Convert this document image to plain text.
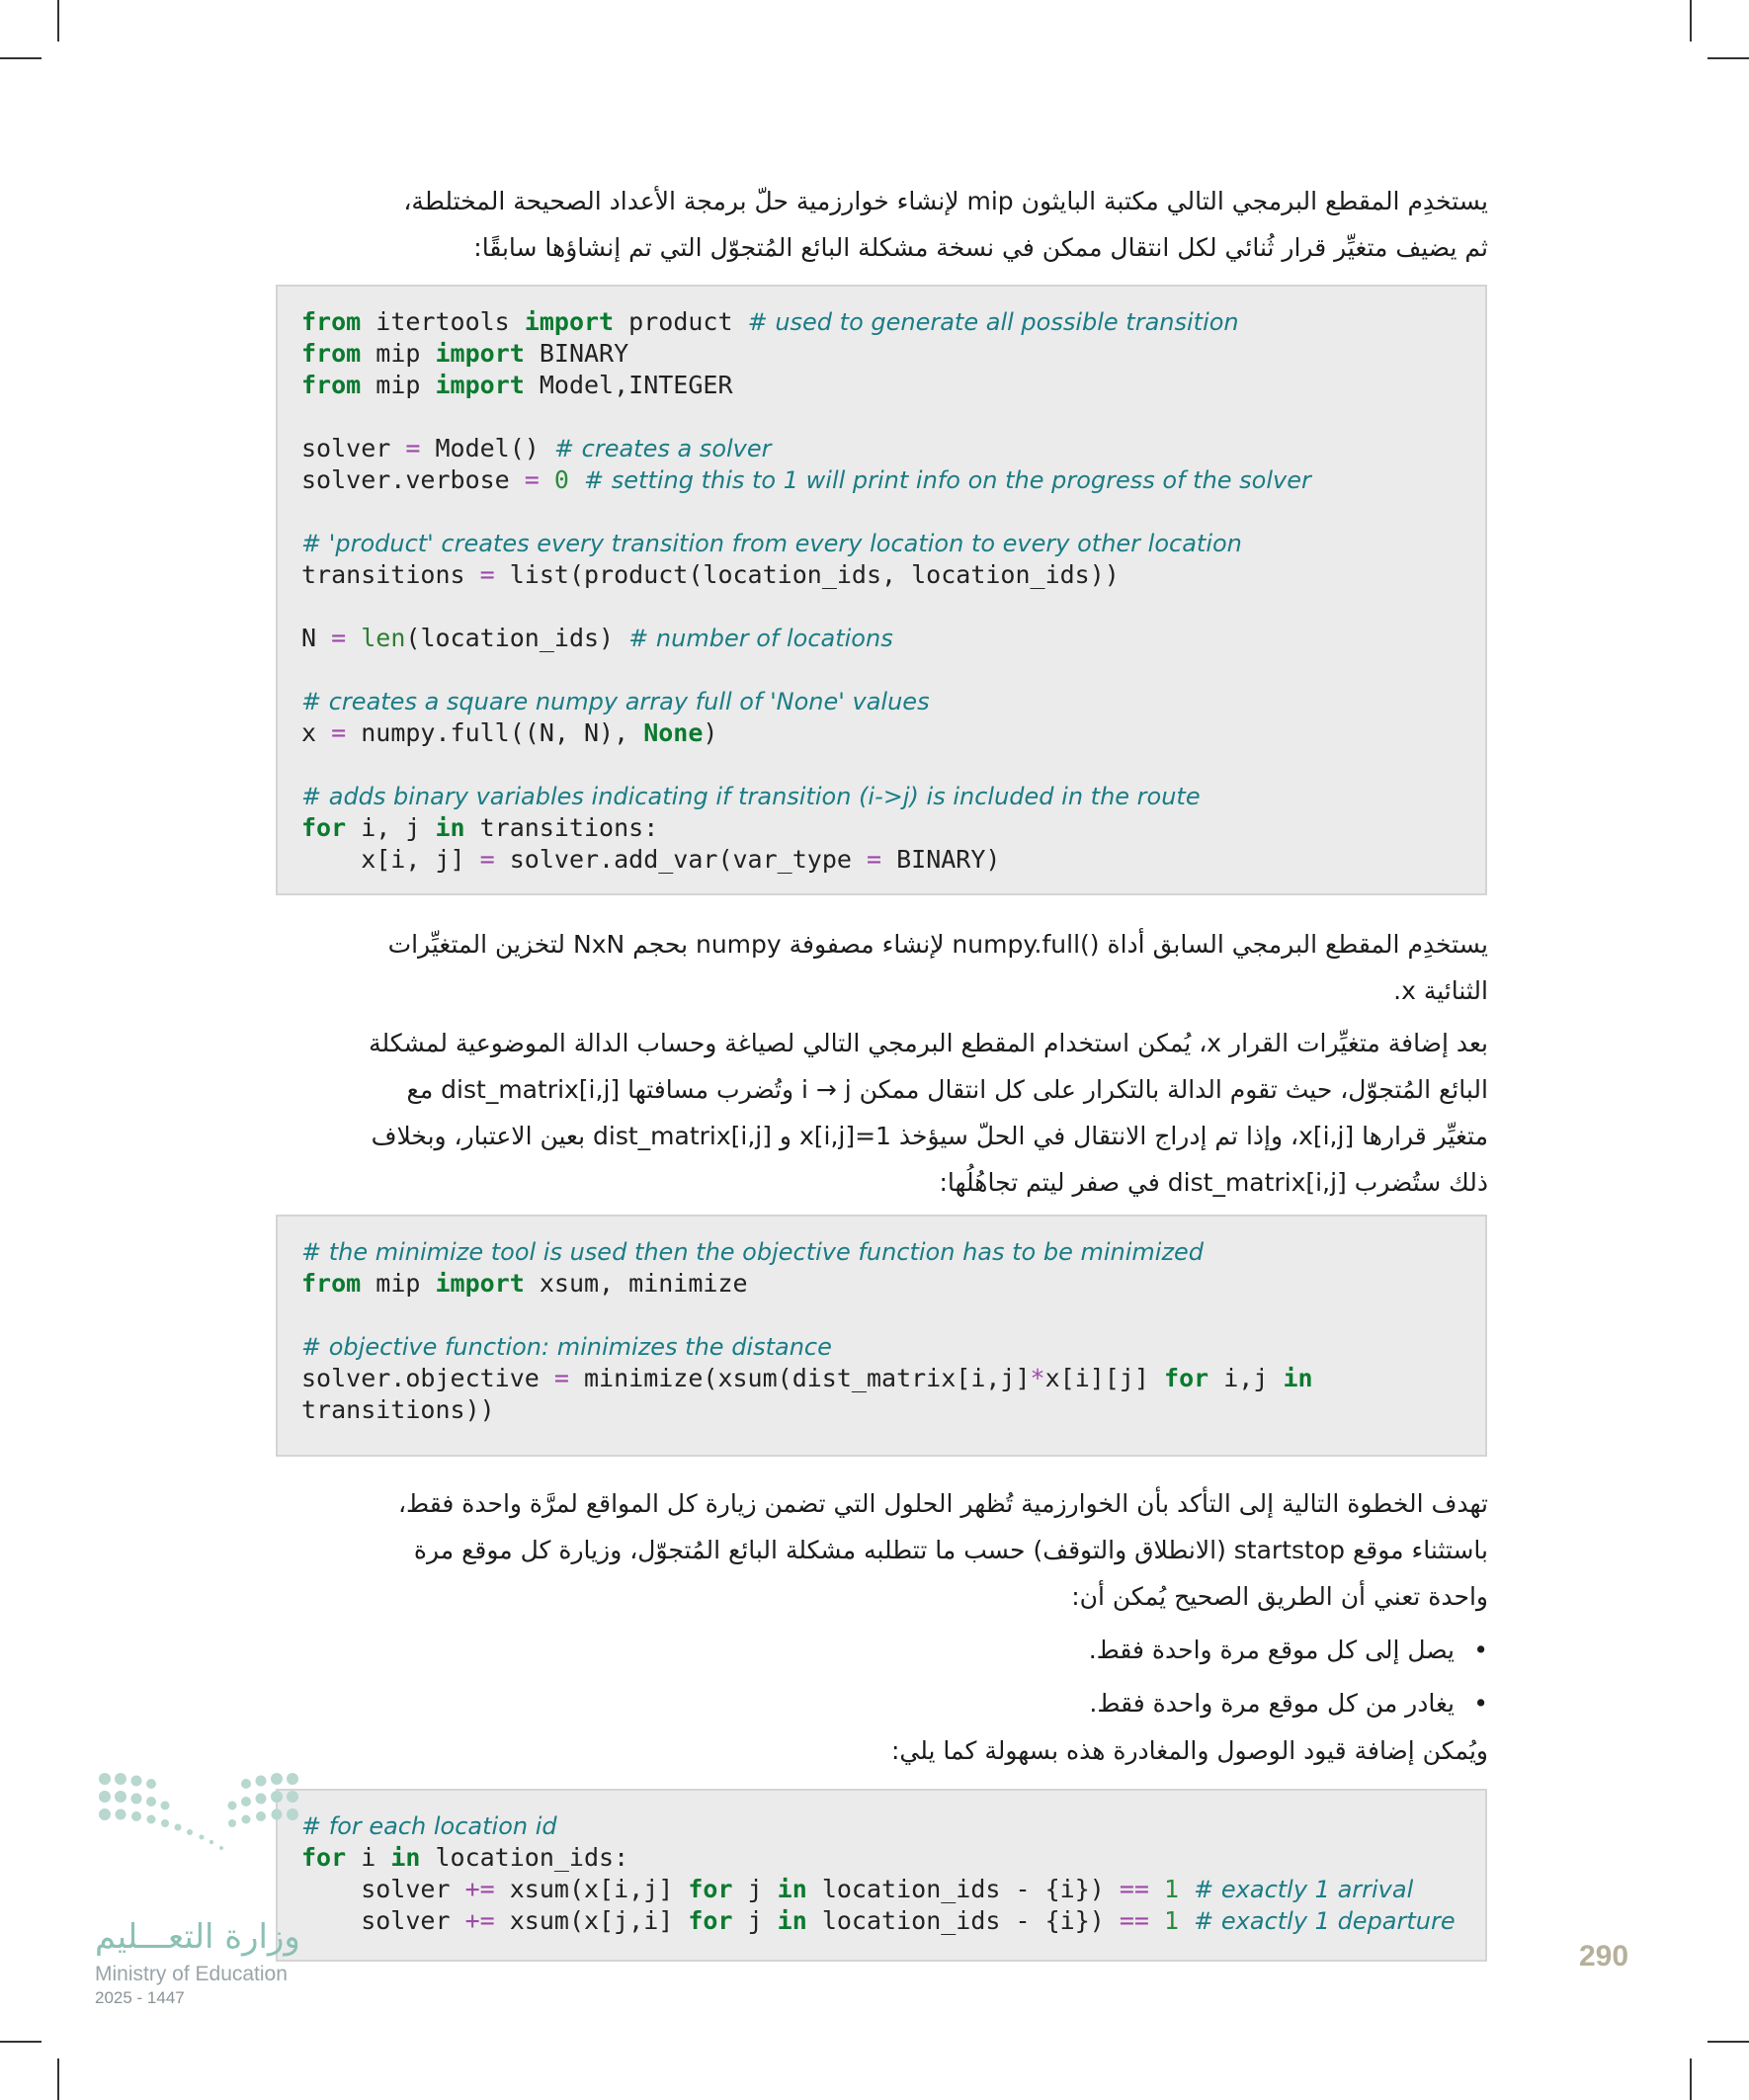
يستخدِم المقطع البرمجي التالي مكتبة البايثون mip لإنشاء خوارزمية حلّ برمجة الأعداد الصحيحة المختلطة،
ثم يضيف متغيِّر قرار ثُنائي لكل انتقال ممكن في نسخة مشكلة البائع المُتجوّل التي تم إنشاؤها سابقًا:
from itertools import product # used to generate all possible transition
from mip import BINARY
from mip import Model,INTEGER
solver = Model() # creates a solver
solver.verbose = 0 # setting this to 1 will print info on the progress of the solver
# 'product' creates every transition from every location to every other location
transitions = list(product(location_ids, location_ids))
N = len(location_ids) # number of locations
# creates a square numpy array full of 'None' values
x = numpy.full((N, N), None)
# adds binary variables indicating if transition (i->j) is included in the route
for i, j in transitions:
x[i, j] = solver.add_var(var_type = BINARY)
يستخدِم المقطع البرمجي السابق أداة ()numpy.full لإنشاء مصفوفة numpy بحجم NxN لتخزين المتغيِّرات
الثنائية x.
بعد إضافة متغيِّرات القرار x، يُمكن استخدام المقطع البرمجي التالي لصياغة وحساب الدالة الموضوعية لمشكلة
البائع المُتجوّل، حيث تقوم الدالة بالتكرار على كل انتقال ممكن i → j وتُضرب مسافتها dist_matrix[i,j] مع
متغيِّر قرارها x[i,j]، وإذا تم إدراج الانتقال في الحلّ سيؤخذ x[i,j]=1 و dist_matrix[i,j] بعين الاعتبار، وبخلاف
ذلك ستُضرب dist_matrix[i,j] في صفر ليتم تجاهُلُها:
# the minimize tool is used then the objective function has to be minimized
from mip import xsum, minimize
# objective function: minimizes the distance
solver.objective = minimize(xsum(dist_matrix[i,j]*x[i][j] for i,j in
transitions))
تهدف الخطوة التالية إلى التأكد بأن الخوارزمية تُظهر الحلول التي تضمن زيارة كل المواقع لمرَّة واحدة فقط،
باستثناء موقع startstop (الانطلاق والتوقف) حسب ما تتطلبه مشكلة البائع المُتجوّل، وزيارة كل موقع مرة
واحدة تعني أن الطريق الصحيح يُمكن أن:
•
يصل إلى كل موقع مرة واحدة فقط.
•
يغادر من كل موقع مرة واحدة فقط.
ويُمكن إضافة قيود الوصول والمغادرة هذه بسهولة كما يلي:
# for each location id
for i in location_ids:
solver += xsum(x[i,j] for j in location_ids - {i}) == 1 # exactly 1 arrival
solver += xsum(x[j,i] for j in location_ids - {i}) == 1 # exactly 1 departure
وزارة التعـــليم
Ministry of Education
2025 - 1447
290
